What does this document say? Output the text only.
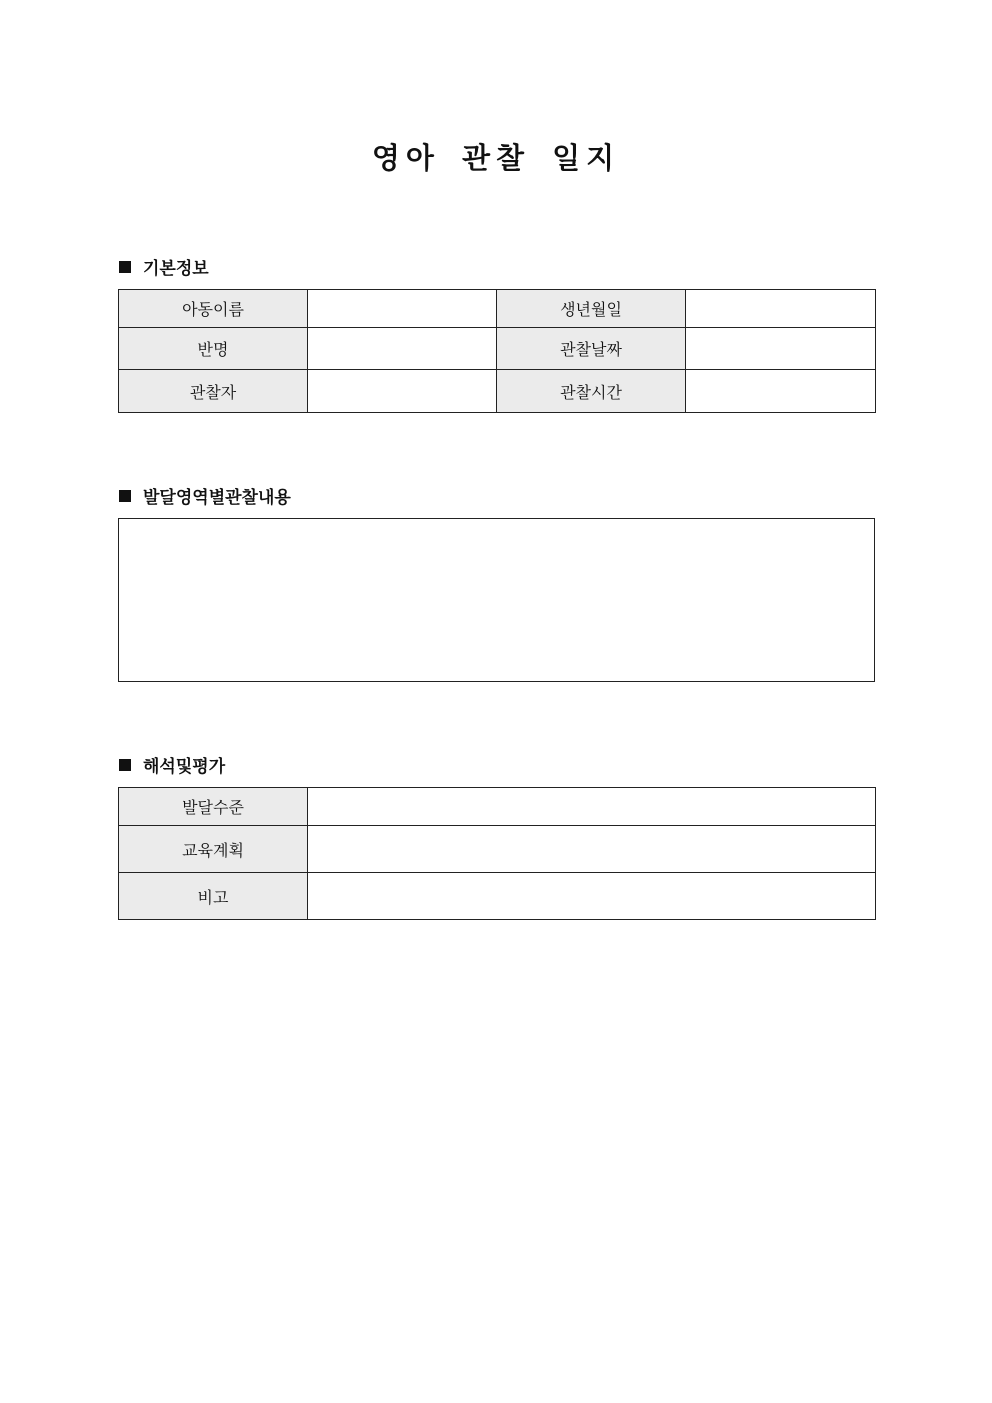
영아 관찰 일지
기본정보
아동이름		생년월일	
반명		관찰날짜	
관찰자		관찰시간	
발달영역별관찰내용
해석및평가
발달수준	
교육계획	
비고	
